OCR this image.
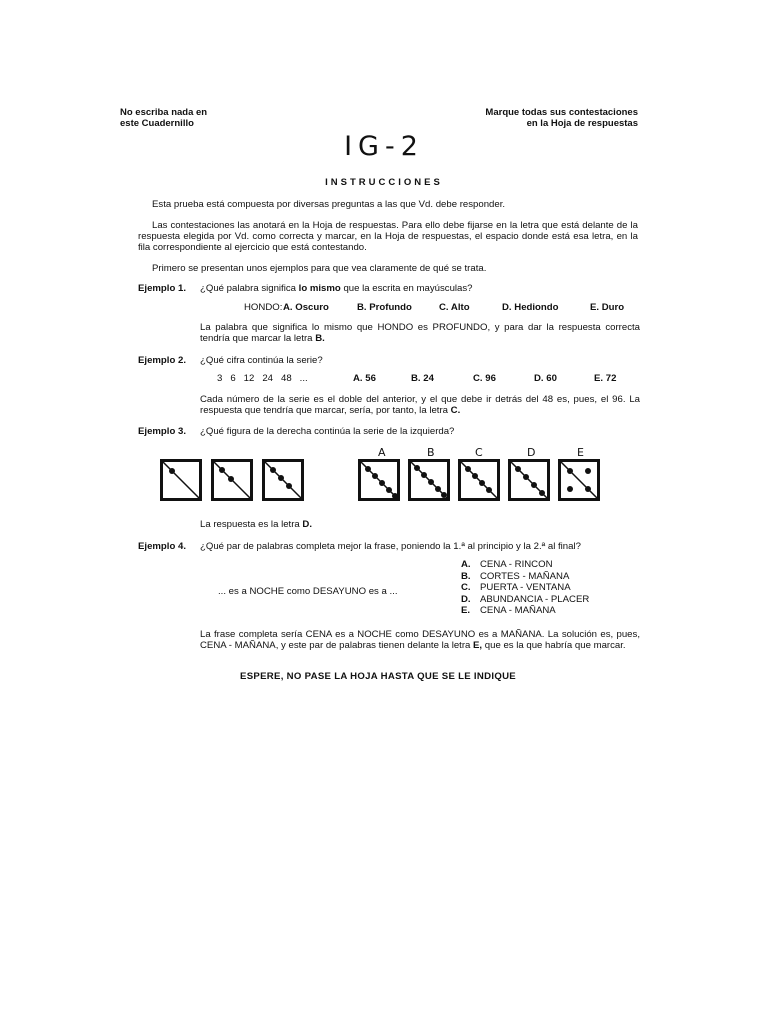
No escriba nada en
este Cuadernillo
Marque todas sus contestaciones
en la Hoja de respuestas
IG-2
INSTRUCCIONES
Esta prueba está compuesta por diversas preguntas a las que Vd. debe responder.
Las contestaciones las anotará en la Hoja de respuestas. Para ello debe fijarse en la letra que está delante de la respuesta elegida por Vd. como correcta y marcar, en la Hoja de respuestas, el espacio donde está esa letra, en la fila correspondiente al ejercicio que está contestando.
Primero se presentan unos ejemplos para que vea claramente de qué se trata.
Ejemplo 1. ¿Qué palabra significa lo mismo que la escrita en mayúsculas?
HONDO: A. Oscuro	B. Profundo	C. Alto	D. Hediondo	E. Duro
La palabra que significa lo mismo que HONDO es PROFUNDO, y para dar la respuesta correcta tendría que marcar la letra B.
Ejemplo 2. ¿Qué cifra continúa la serie?
3   6   12   24   48   ...	A. 56	B. 24	C. 96	D. 60	E. 72
Cada número de la serie es el doble del anterior, y el que debe ir detrás del 48 es, pues, el 96. La respuesta que tendría que marcar, sería, por tanto, la letra C.
Ejemplo 3. ¿Qué figura de la derecha continúa la serie de la izquierda?
A	B	C	D	E
La respuesta es la letra D.
Ejemplo 4. ¿Qué par de palabras completa mejor la frase, poniendo la 1.ª al principio y la 2.ª al final?
... es a NOCHE como DESAYUNO es a ...
A. CENA - RINCON
B. CORTES - MAÑANA
C. PUERTA - VENTANA
D. ABUNDANCIA - PLACER
E. CENA - MAÑANA
La frase completa sería CENA es a NOCHE como DESAYUNO es a MAÑANA. La solución es, pues, CENA - MAÑANA, y este par de palabras tienen delante la letra E, que es la que habría que marcar.
ESPERE, NO PASE LA HOJA HASTA QUE SE LE INDIQUE
